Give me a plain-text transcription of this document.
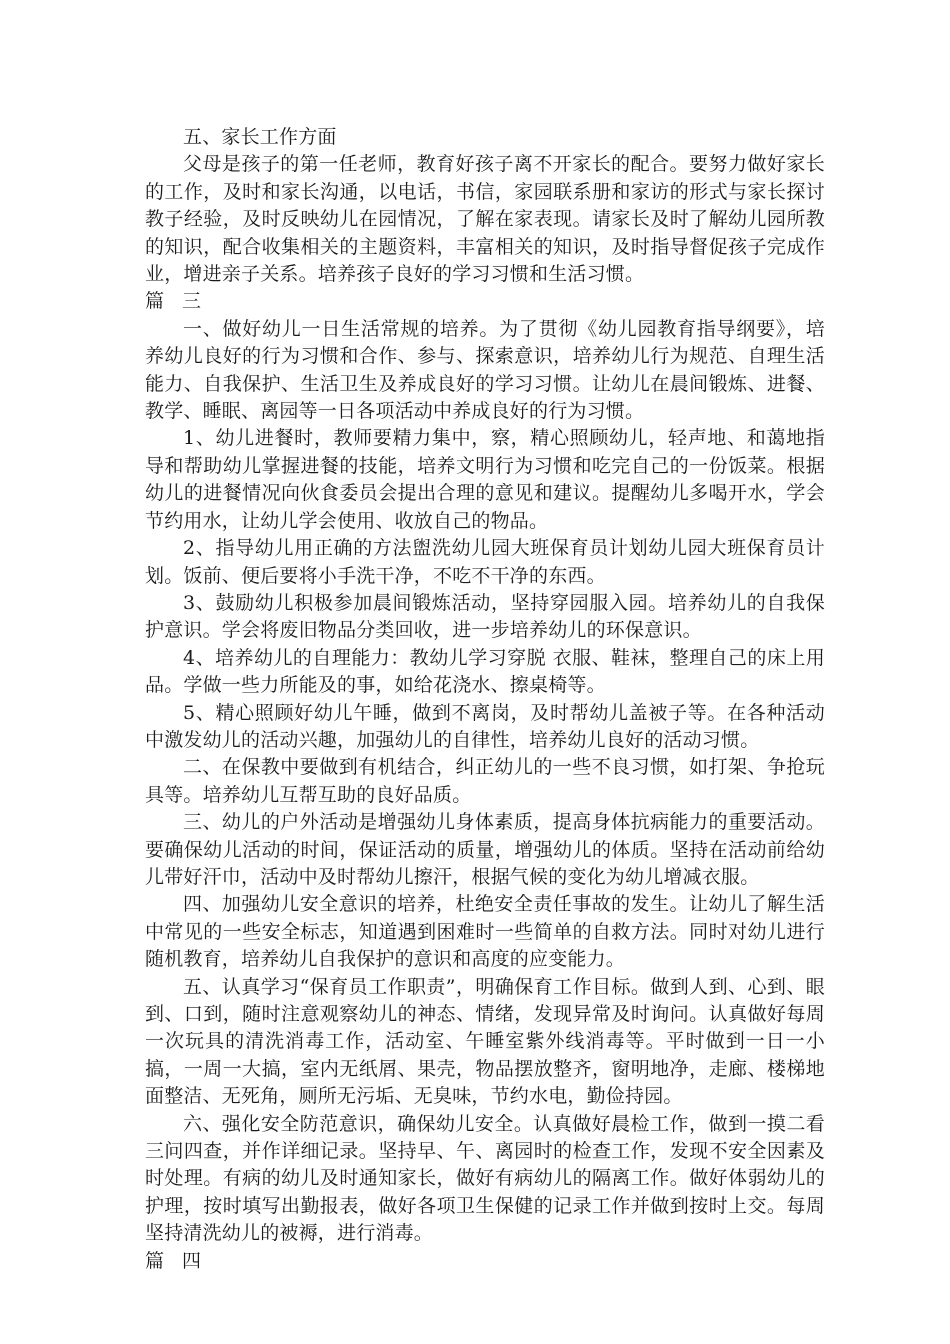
五、家长工作方面

父母是孩子的第一任老师，教育好孩子离不开家长的配合。要努力做好家长的工作，及时和家长沟通，以电话，书信，家园联系册和家访的形式与家长探讨教子经验，及时反映幼儿在园情况，了解在家表现。请家长及时了解幼儿园所教的知识，配合收集相关的主题资料，丰富相关的知识，及时指导督促孩子完成作业，增进亲子关系。培养孩子良好的学习习惯和生活习惯。

篇 三

一、做好幼儿一日生活常规的培养。为了贯彻《幼儿园教育指导纲要》，培养幼儿良好的行为习惯和合作、参与、探索意识，培养幼儿行为规范、自理生活能力、自我保护、生活卫生及养成良好的学习习惯。让幼儿在晨间锻炼、进餐、教学、睡眠、离园等一日各项活动中养成良好的行为习惯。

1、幼儿进餐时，教师要精力集中，察，精心照顾幼儿，轻声地、和蔼地指导和帮助幼儿掌握进餐的技能，培养文明行为习惯和吃完自己的一份饭菜。根据幼儿的进餐情况向伙食委员会提出合理的意见和建议。提醒幼儿多喝开水，学会节约用水，让幼儿学会使用、收放自己的物品。

2、指导幼儿用正确的方法盥洗幼儿园大班保育员计划幼儿园大班保育员计划。饭前、便后要将小手洗干净，不吃不干净的东西。

3、鼓励幼儿积极参加晨间锻炼活动，坚持穿园服入园。培养幼儿的自我保护意识。学会将废旧物品分类回收，进一步培养幼儿的环保意识。

4、培养幼儿的自理能力：教幼儿学习穿脱 衣服、鞋袜，整理自己的床上用品。学做一些力所能及的事，如给花浇水、擦桌椅等。

5、精心照顾好幼儿午睡，做到不离岗，及时帮幼儿盖被子等。在各种活动中激发幼儿的活动兴趣，加强幼儿的自律性，培养幼儿良好的活动习惯。

二、在保教中要做到有机结合，纠正幼儿的一些不良习惯，如打架、争抢玩具等。培养幼儿互帮互助的良好品质。

三、幼儿的户外活动是增强幼儿身体素质，提高身体抗病能力的重要活动。要确保幼儿活动的时间，保证活动的质量，增强幼儿的体质。坚持在活动前给幼儿带好汗巾，活动中及时帮幼儿擦汗，根据气候的变化为幼儿增减衣服。

四、加强幼儿安全意识的培养，杜绝安全责任事故的发生。让幼儿了解生活中常见的一些安全标志，知道遇到困难时一些简单的自救方法。同时对幼儿进行随机教育，培养幼儿自我保护的意识和高度的应变能力。

五、认真学习“保育员工作职责”，明确保育工作目标。做到人到、心到、眼到、口到，随时注意观察幼儿的神态、情绪，发现异常及时询问。认真做好每周一次玩具的清洗消毒工作，活动室、午睡室紫外线消毒等。平时做到一日一小搞，一周一大搞，室内无纸屑、果壳，物品摆放整齐，窗明地净，走廊、楼梯地面整洁、无死角，厕所无污垢、无臭味，节约水电，勤俭持园。

六、强化安全防范意识，确保幼儿安全。认真做好晨检工作，做到一摸二看三问四查，并作详细记录。坚持早、午、离园时的检查工作，发现不安全因素及时处理。有病的幼儿及时通知家长，做好有病幼儿的隔离工作。做好体弱幼儿的护理，按时填写出勤报表，做好各项卫生保健的记录工作并做到按时上交。每周坚持清洗幼儿的被褥，进行消毒。

篇 四
